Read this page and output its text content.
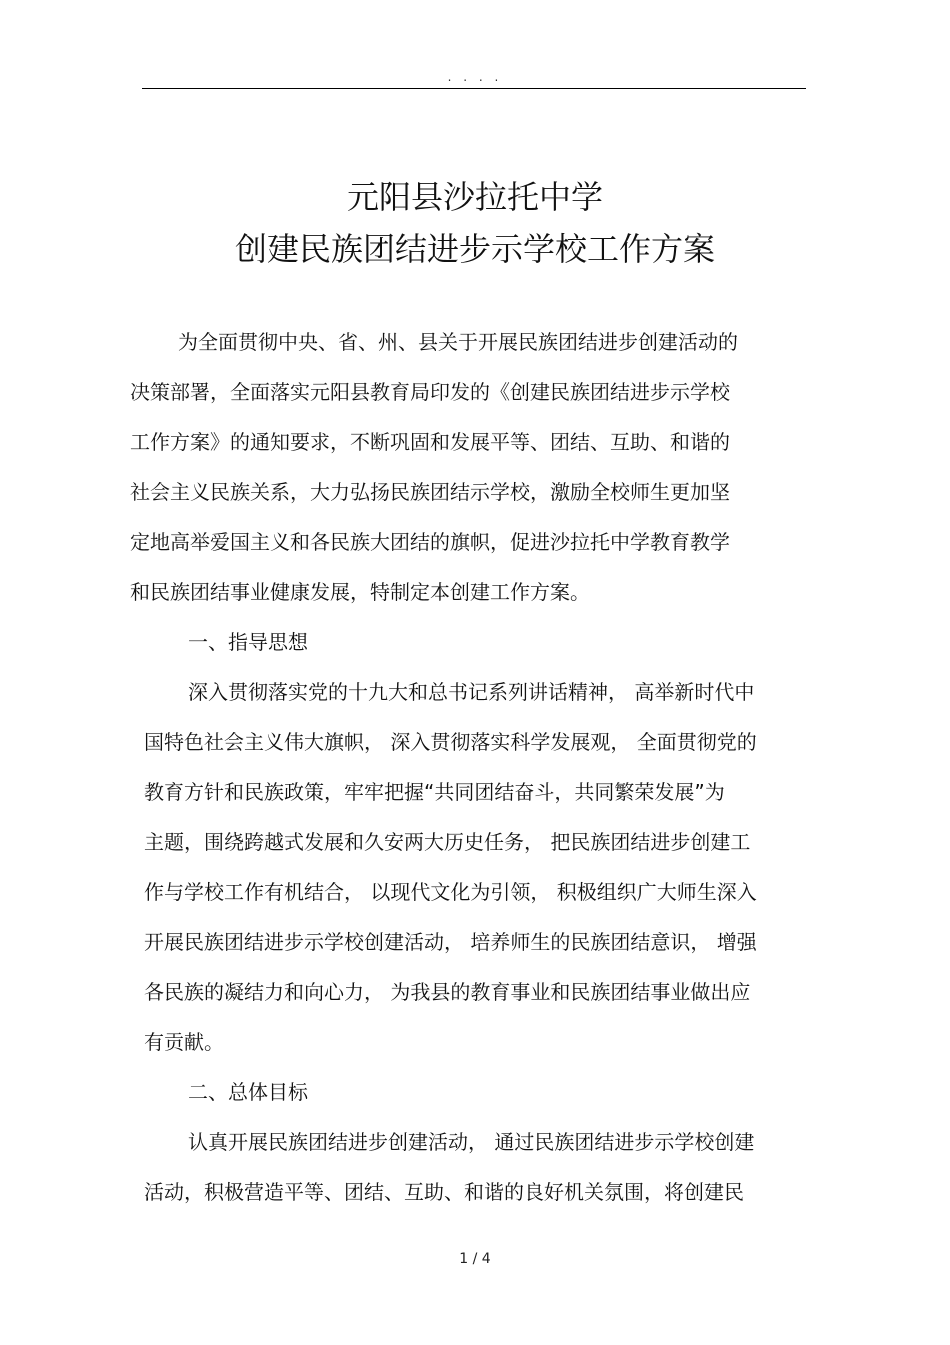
. . . .
元阳县沙拉托中学
创建民族团结进步示学校工作方案
为全面贯彻中央、省、州、县关于开展民族团结进步创建活动的
决策部署，全面落实元阳县教育局印发的《创建民族团结进步示学校
工作方案》的通知要求，不断巩固和发展平等、团结、互助、和谐的
社会主义民族关系，大力弘扬民族团结示学校，激励全校师生更加坚
定地高举爱国主义和各民族大团结的旗帜，促进沙拉托中学教育教学
和民族团结事业健康发展，特制定本创建工作方案。
一、指导思想
深入贯彻落实党的十九大和总书记系列讲话精神， 高举新时代中
国特色社会主义伟大旗帜， 深入贯彻落实科学发展观， 全面贯彻党的
教育方针和民族政策，牢牢把握“共同团结奋斗，共同繁荣发展”为
主题，围绕跨越式发展和久安两大历史任务， 把民族团结进步创建工
作与学校工作有机结合， 以现代文化为引领， 积极组织广大师生深入
开展民族团结进步示学校创建活动， 培养师生的民族团结意识， 增强
各民族的凝结力和向心力， 为我县的教育事业和民族团结事业做出应
有贡献。
二、总体目标
认真开展民族团结进步创建活动， 通过民族团结进步示学校创建
活动，积极营造平等、团结、互助、和谐的良好机关氛围，将创建民
1 / 4
